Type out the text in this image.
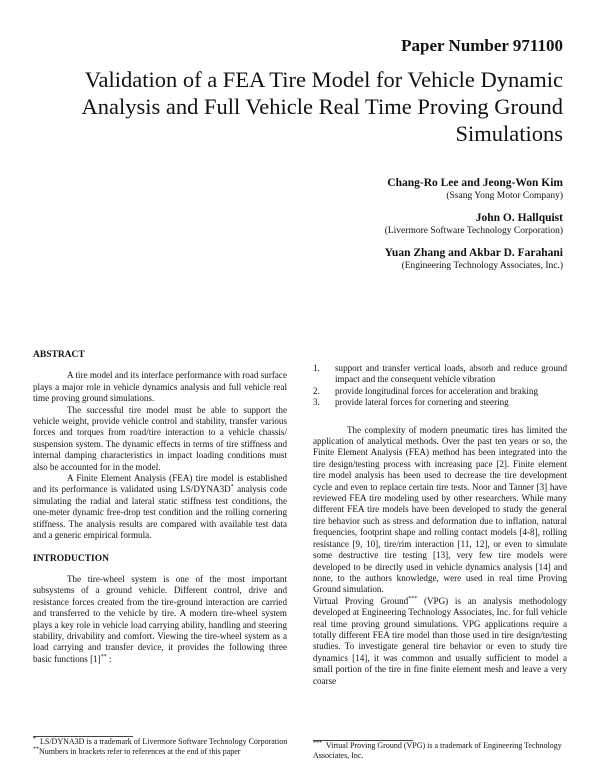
Paper Number 971100
Validation of a FEA Tire Model for Vehicle Dynamic Analysis and Full Vehicle Real Time Proving Ground Simulations
Chang-Ro Lee and Jeong-Won Kim
(Ssang Yong Motor Company)
John O. Hallquist
(Livermore Software Technology Corporation)
Yuan Zhang and Akbar D. Farahani
(Engineering Technology Associates, Inc.)
ABSTRACT

A tire model and its interface performance with road surface plays a major role in vehicle dynamics analysis and full vehicle real time proving ground simulations.

The successful tire model must be able to support the vehicle weight, provide vehicle control and stability, transfer various forces and torques from road/tire interaction to a vehicle chassis/ suspension system. The dynamic effects in terms of tire stiffness and internal damping characteristics in impact loading conditions must also be accounted for in the model.

A Finite Element Analysis (FEA) tire model is established and its performance is validated using LS/DYNA3D* analysis code simulating the radial and lateral static stiffness test conditions, the one-meter dynamic free-drop test condition and the rolling cornering stiffness. The analysis results are compared with available test data and a generic empirical formula.

INTRODUCTION

The tire-wheel system is one of the most important subsystems of a ground vehicle. Different control, drive and resistance forces created from the tire-ground interaction are carried and transferred to the vehicle by tire. A modern tire-wheel system plays a key role in vehicle load carrying ability, handling and steering stability, drivability and comfort. Viewing the tire-wheel system as a load carrying and transfer device, it provides the following three basic functions [1]** :

1. support and transfer vertical loads, absorb and reduce ground impact and the consequent vehicle vibration
2. provide longitudinal forces for acceleration and braking
3. provide lateral forces for cornering and steering

The complexity of modern pneumatic tires has limited the application of analytical methods. Over the past ten years or so, the Finite Element Analysis (FEA) method has been integrated into the tire design/testing process with increasing pace [2]. Finite element tire model analysis has been used to decrease the tire development cycle and even to replace certain tire tests. Noor and Tanner [3] have reviewed FEA tire modeling used by other researchers. While many different FEA tire models have been developed to study the general tire behavior such as stress and deformation due to inflation, natural frequencies, footprint shape and rolling contact models [4-8], rolling resistance [9, 10], tire/rim interaction [11, 12], or even to simulate some destructive tire testing [13], very few tire models were developed to be directly used in vehicle dynamics analysis [14] and none, to the authors knowledge, were used in real time Proving Ground simulation.

Virtual Proving Ground*** (VPG) is an analysis methodology developed at Engineering Technology Associates, Inc. for full vehicle real time proving ground simulations. VPG applications require a totally different FEA tire model than those used in tire design/testing studies. To investigate general tire behavior or even to study tire dynamics [14], it was common and usually sufficient to model a small portion of the tire in fine finite element mesh and leave a very coarse

* LS/DYNA3D is a trademark of Livermore Software Technology Corporation

**Numbers in brackets refer to references at the end of this paper

*** Virtual Proving Ground (VPG) is a trademark of Engineering Technology Associates, Inc.
